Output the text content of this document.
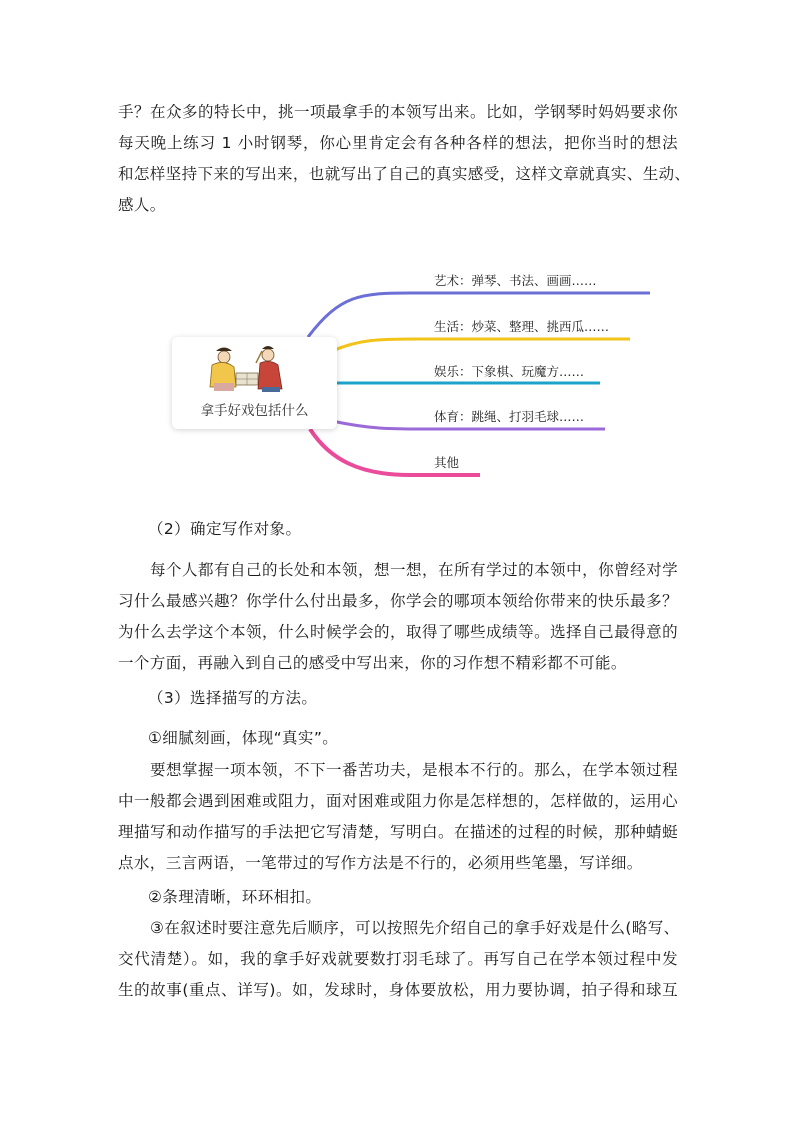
手？在众多的特长中，挑一项最拿手的本领写出来。比如，学钢琴时妈妈要求你
每天晚上练习 1 小时钢琴，你心里肯定会有各种各样的想法，把你当时的想法
和怎样坚持下来的写出来，也就写出了自己的真实感受，这样文章就真实、生动、
感人。
拿手好戏包括什么
艺术：弹琴、书法、画画……
生活：炒菜、整理、挑西瓜……
娱乐：下象棋、玩魔方……
体育：跳绳、打羽毛球……
其他
（2）确定写作对象。
每个人都有自己的长处和本领，想一想，在所有学过的本领中，你曾经对学
习什么最感兴趣？你学什么付出最多，你学会的哪项本领给你带来的快乐最多？
为什么去学这个本领，什么时候学会的，取得了哪些成绩等。选择自己最得意的
一个方面，再融入到自己的感受中写出来，你的习作想不精彩都不可能。
（3）选择描写的方法。
①细腻刻画，体现“真实”。
要想掌握一项本领，不下一番苦功夫，是根本不行的。那么，在学本领过程
中一般都会遇到困难或阻力，面对困难或阻力你是怎样想的，怎样做的，运用心
理描写和动作描写的手法把它写清楚，写明白。在描述的过程的时候，那种蜻蜓
点水，三言两语，一笔带过的写作方法是不行的，必须用些笔墨，写详细。
②条理清晰，环环相扣。
③在叙述时要注意先后顺序，可以按照先介绍自己的拿手好戏是什么(略写、
交代清楚）。如，我的拿手好戏就要数打羽毛球了。再写自己在学本领过程中发
生的故事(重点、详写)。如，发球时，身体要放松，用力要协调，拍子得和球互
